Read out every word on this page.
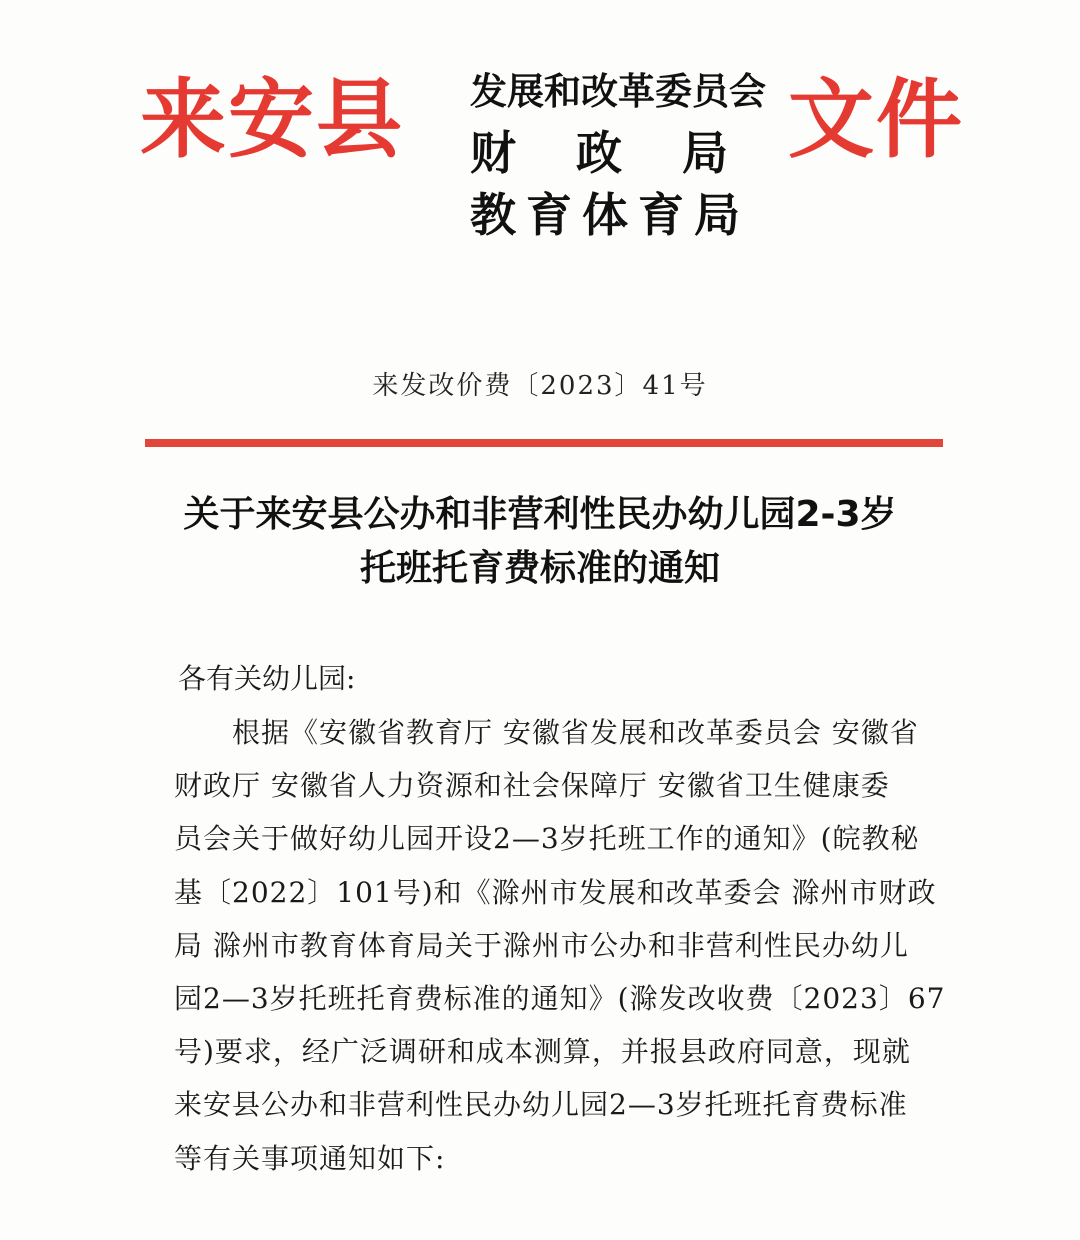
来安县 发展和改革委员会
财政局
教育体育局
文件
来发改价费〔2023〕41号
关于来安县公办和非营利性民办幼儿园2-3岁
托班托育费标准的通知
各有关幼儿园:
根据《安徽省教育厅 安徽省发展和改革委员会 安徽省
财政厅 安徽省人力资源和社会保障厅 安徽省卫生健康委
员会关于做好幼儿园开设2—3岁托班工作的通知》(皖教秘
基〔2022〕101号)和《滁州市发展和改革委会 滁州市财政
局 滁州市教育体育局关于滁州市公办和非营利性民办幼儿
园2—3岁托班托育费标准的通知》(滁发改收费〔2023〕67
号)要求，经广泛调研和成本测算，并报县政府同意，现就
来安县公办和非营利性民办幼儿园2—3岁托班托育费标准
等有关事项通知如下:
